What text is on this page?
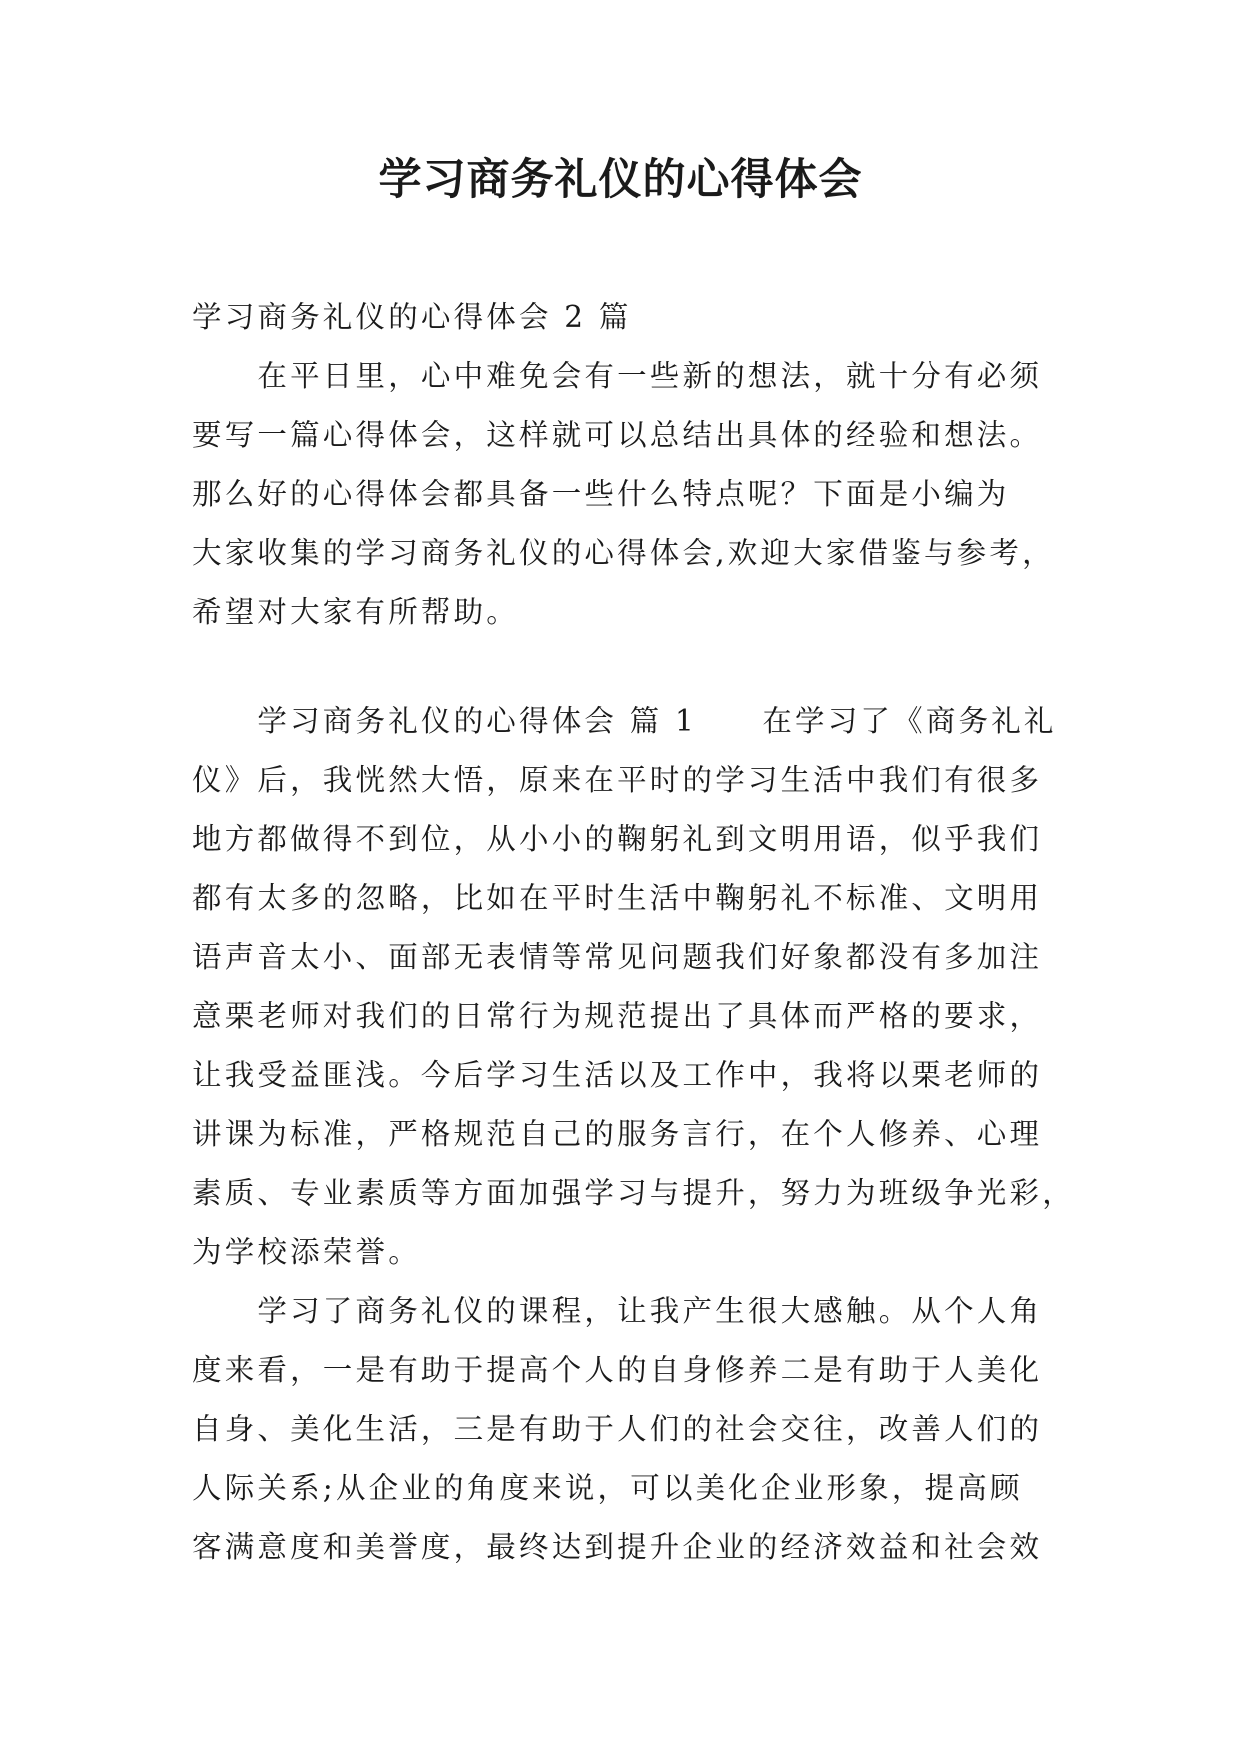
学习商务礼仪的心得体会
学习商务礼仪的心得体会 2 篇
　　在平日里，心中难免会有一些新的想法，就十分有必须
要写一篇心得体会，这样就可以总结出具体的经验和想法。
那么好的心得体会都具备一些什么特点呢？下面是小编为
大家收集的学习商务礼仪的心得体会,欢迎大家借鉴与参考，
希望对大家有所帮助。
　　学习商务礼仪的心得体会 篇 1　　在学习了《商务礼礼
仪》后，我恍然大悟，原来在平时的学习生活中我们有很多
地方都做得不到位，从小小的鞠躬礼到文明用语，似乎我们
都有太多的忽略，比如在平时生活中鞠躬礼不标准、文明用
语声音太小、面部无表情等常见问题我们好象都没有多加注
意栗老师对我们的日常行为规范提出了具体而严格的要求，
让我受益匪浅。今后学习生活以及工作中，我将以栗老师的
讲课为标准，严格规范自己的服务言行，在个人修养、心理
素质、专业素质等方面加强学习与提升，努力为班级争光彩，
为学校添荣誉。
　　学习了商务礼仪的课程，让我产生很大感触。从个人角
度来看，一是有助于提高个人的自身修养二是有助于人美化
自身、美化生活，三是有助于人们的社会交往，改善人们的
人际关系;从企业的角度来说，可以美化企业形象，提高顾
客满意度和美誉度，最终达到提升企业的经济效益和社会效
